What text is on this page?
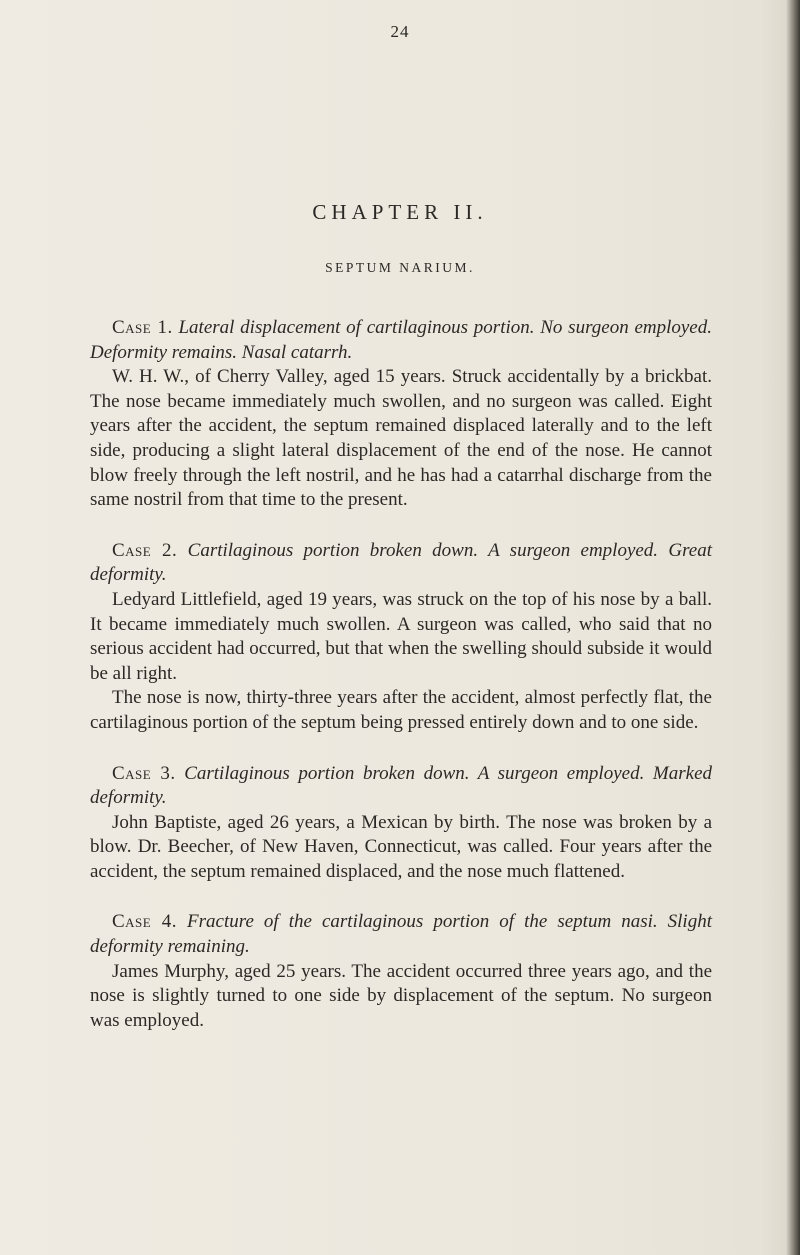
24
CHAPTER II.
SEPTUM NARIUM.

Case 1. Lateral displacement of cartilaginous portion. No surgeon employed. Deformity remains. Nasal catarrh.

W. H. W., of Cherry Valley, aged 15 years. Struck accidentally by a brickbat. The nose became immediately much swollen, and no surgeon was called. Eight years after the accident, the septum remained displaced laterally and to the left side, producing a slight lateral displacement of the end of the nose. He cannot blow freely through the left nostril, and he has had a catarrhal discharge from the same nostril from that time to the present.

Case 2. Cartilaginous portion broken down. A surgeon employed. Great deformity.

Ledyard Littlefield, aged 19 years, was struck on the top of his nose by a ball. It became immediately much swollen. A surgeon was called, who said that no serious accident had occurred, but that when the swelling should subside it would be all right.

The nose is now, thirty-three years after the accident, almost perfectly flat, the cartilaginous portion of the septum being pressed entirely down and to one side.

Case 3. Cartilaginous portion broken down. A surgeon employed. Marked deformity.

John Baptiste, aged 26 years, a Mexican by birth. The nose was broken by a blow. Dr. Beecher, of New Haven, Connecticut, was called. Four years after the accident, the septum remained displaced, and the nose much flattened.

Case 4. Fracture of the cartilaginous portion of the septum nasi. Slight deformity remaining.

James Murphy, aged 25 years. The accident occurred three years ago, and the nose is slightly turned to one side by displacement of the septum. No surgeon was employed.
